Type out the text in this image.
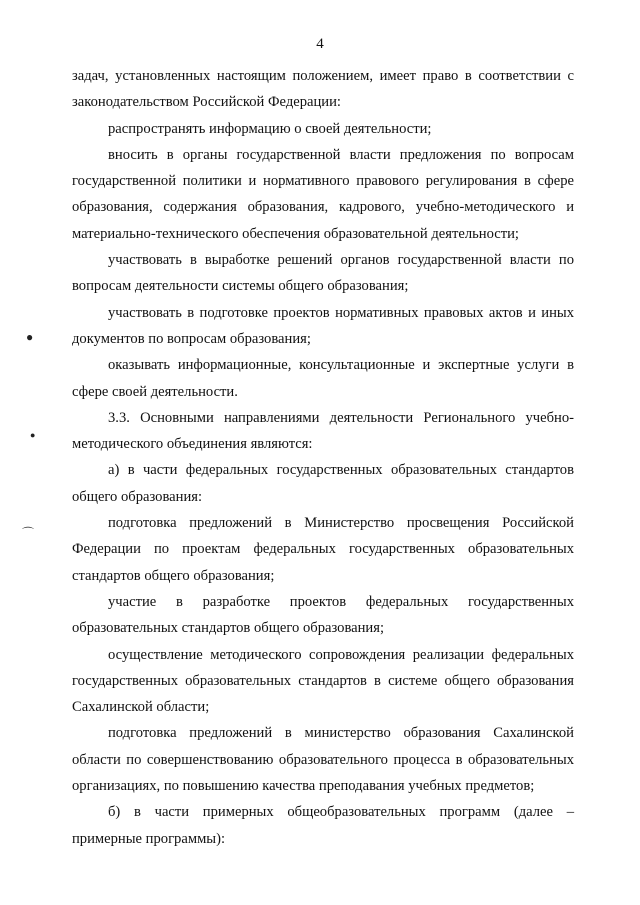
4

задач, установленных настоящим положением, имеет право в соответствии с законодательством Российской Федерации:

распространять информацию о своей деятельности;

вносить в органы государственной власти предложения по вопросам государственной политики и нормативного правового регулирования в сфере образования, содержания образования, кадрового, учебно-методического и материально-технического обеспечения образовательной деятельности;

участвовать в выработке решений органов государственной власти по вопросам деятельности системы общего образования;

участвовать в подготовке проектов нормативных правовых актов и иных документов по вопросам образования;

оказывать информационные, консультационные и экспертные услуги в сфере своей деятельности.

3.3. Основными направлениями деятельности Регионального учебно-методического объединения являются:

а) в части федеральных государственных образовательных стандартов общего образования:

подготовка предложений в Министерство просвещения Российской Федерации по проектам федеральных государственных образовательных стандартов общего образования;

участие в разработке проектов федеральных государственных образовательных стандартов общего образования;

осуществление методического сопровождения реализации федеральных государственных образовательных стандартов в системе общего образования Сахалинской области;

подготовка предложений в министерство образования Сахалинской области по совершенствованию образовательного процесса в образовательных организациях, по повышению качества преподавания учебных предметов;

б) в части примерных общеобразовательных программ (далее – примерные программы):

●
●
⌒
